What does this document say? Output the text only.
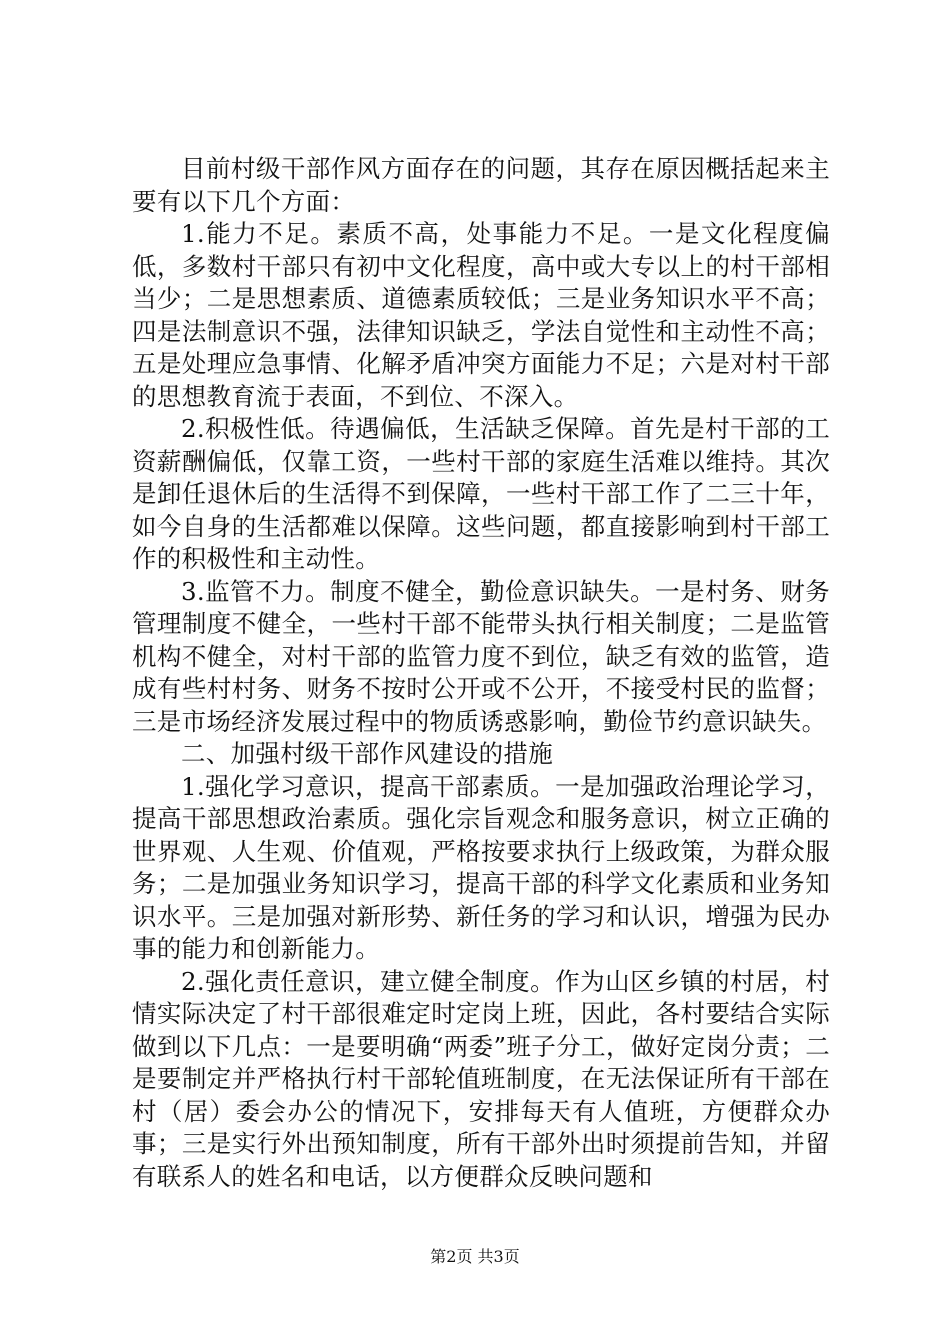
目前村级干部作风方面存在的问题，其存在原因概括起来主要有以下几个方面：

1.能力不足。素质不高，处事能力不足。一是文化程度偏低，多数村干部只有初中文化程度，高中或大专以上的村干部相当少；二是思想素质、道德素质较低；三是业务知识水平不高；四是法制意识不强，法律知识缺乏，学法自觉性和主动性不高；五是处理应急事情、化解矛盾冲突方面能力不足；六是对村干部的思想教育流于表面，不到位、不深入。

2.积极性低。待遇偏低，生活缺乏保障。首先是村干部的工资薪酬偏低，仅靠工资，一些村干部的家庭生活难以维持。其次是卸任退休后的生活得不到保障，一些村干部工作了二三十年，如今自身的生活都难以保障。这些问题，都直接影响到村干部工作的积极性和主动性。

3.监管不力。制度不健全，勤俭意识缺失。一是村务、财务管理制度不健全，一些村干部不能带头执行相关制度；二是监管机构不健全，对村干部的监管力度不到位，缺乏有效的监管，造成有些村村务、财务不按时公开或不公开，不接受村民的监督；三是市场经济发展过程中的物质诱惑影响，勤俭节约意识缺失。

二、加强村级干部作风建设的措施

1.强化学习意识，提高干部素质。一是加强政治理论学习，提高干部思想政治素质。强化宗旨观念和服务意识，树立正确的世界观、人生观、价值观，严格按要求执行上级政策，为群众服务；二是加强业务知识学习，提高干部的科学文化素质和业务知识水平。三是加强对新形势、新任务的学习和认识，增强为民办事的能力和创新能力。

2.强化责任意识，建立健全制度。作为山区乡镇的村居，村情实际决定了村干部很难定时定岗上班，因此，各村要结合实际做到以下几点：一是要明确“两委”班子分工，做好定岗分责；二是要制定并严格执行村干部轮值班制度，在无法保证所有干部在村（居）委会办公的情况下，安排每天有人值班，方便群众办事；三是实行外出预知制度，所有干部外出时须提前告知，并留有联系人的姓名和电话，以方便群众反映问题和

第2页 共3页
